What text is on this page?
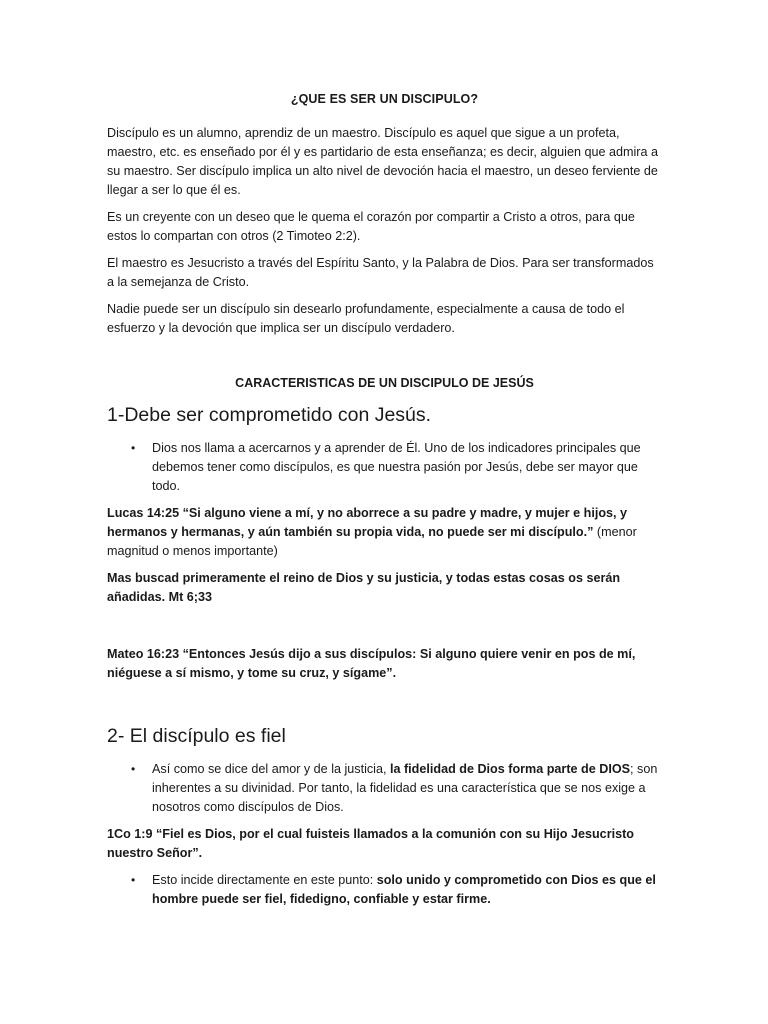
¿QUE ES SER UN DISCIPULO?

Discípulo es un alumno, aprendiz de un maestro. Discípulo es aquel que sigue a un profeta, maestro, etc. es enseñado por él y es partidario de esta enseñanza; es decir, alguien que admira a su maestro. Ser discípulo implica un alto nivel de devoción hacia el maestro, un deseo ferviente de llegar a ser lo que él es.

Es un creyente con un deseo que le quema el corazón por compartir a Cristo a otros, para que estos lo compartan con otros (2 Timoteo 2:2).

El maestro es Jesucristo a través del Espíritu Santo, y la Palabra de Dios. Para ser transformados a la semejanza de Cristo.

Nadie puede ser un discípulo sin desearlo profundamente, especialmente a causa de todo el esfuerzo y la devoción que implica ser un discípulo verdadero.

CARACTERISTICAS DE UN DISCIPULO DE JESÚS
1-Debe ser comprometido con Jesús.
• Dios nos llama a acercarnos y a aprender de Él. Uno de los indicadores principales que debemos tener como discípulos, es que nuestra pasión por Jesús, debe ser mayor que todo.

Lucas 14:25 “Si alguno viene a mí, y no aborrece a su padre y madre, y mujer e hijos, y hermanos y hermanas, y aún también su propia vida, no puede ser mi discípulo.” (menor magnitud o menos importante)

Mas buscad primeramente el reino de Dios y su justicia, y todas estas cosas os serán añadidas. Mt 6;33

Mateo 16:23 “Entonces Jesús dijo a sus discípulos: Si alguno quiere venir en pos de mí, niéguese a sí mismo, y tome su cruz, y sígame”.

2- El discípulo es fiel
• Así como se dice del amor y de la justicia, la fidelidad de Dios forma parte de DIOS; son inherentes a su divinidad. Por tanto, la fidelidad es una característica que se nos exige a nosotros como discípulos de Dios.

1Co 1:9 “Fiel es Dios, por el cual fuisteis llamados a la comunión con su Hijo Jesucristo nuestro Señor”.

• Esto incide directamente en este punto: solo unido y comprometido con Dios es que el hombre puede ser fiel, fidedigno, confiable y estar firme.
